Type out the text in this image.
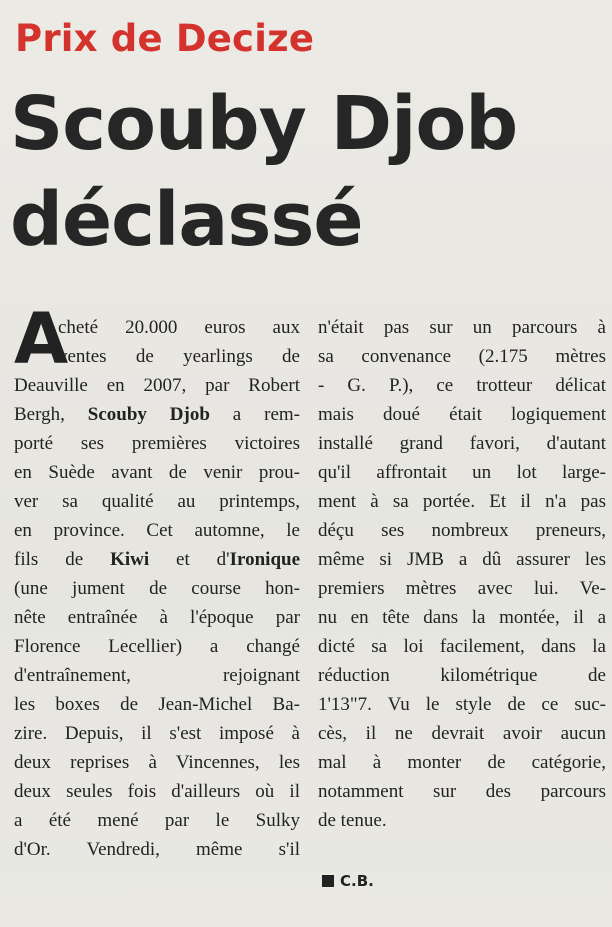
Prix de Decize
Scouby Djob
déclassé
A
cheté 20.000 euros aux
ventes de yearlings de
Deauville en 2007, par Robert
Bergh, Scouby Djob a rem-
porté ses premières victoires
en Suède avant de venir prou-
ver sa qualité au printemps,
en province. Cet automne, le
fils de Kiwi et d'Ironique
(une jument de course hon-
nête entraînée à l'époque par
Florence Lecellier) a changé
d'entraînement, rejoignant
les boxes de Jean-Michel Ba-
zire. Depuis, il s'est imposé à
deux reprises à Vincennes, les
deux seules fois d'ailleurs où il
a été mené par le Sulky
d'Or. Vendredi, même s'il
n'était pas sur un parcours à
sa convenance (2.175 mètres
- G. P.), ce trotteur délicat
mais doué était logiquement
installé grand favori, d'autant
qu'il affrontait un lot large-
ment à sa portée. Et il n'a pas
déçu ses nombreux preneurs,
même si JMB a dû assurer les
premiers mètres avec lui. Ve-
nu en tête dans la montée, il a
dicté sa loi facilement, dans la
réduction kilométrique de
1'13"7. Vu le style de ce suc-
cès, il ne devrait avoir aucun
mal à monter de catégorie,
notamment sur des parcours
de tenue.
C.B.
